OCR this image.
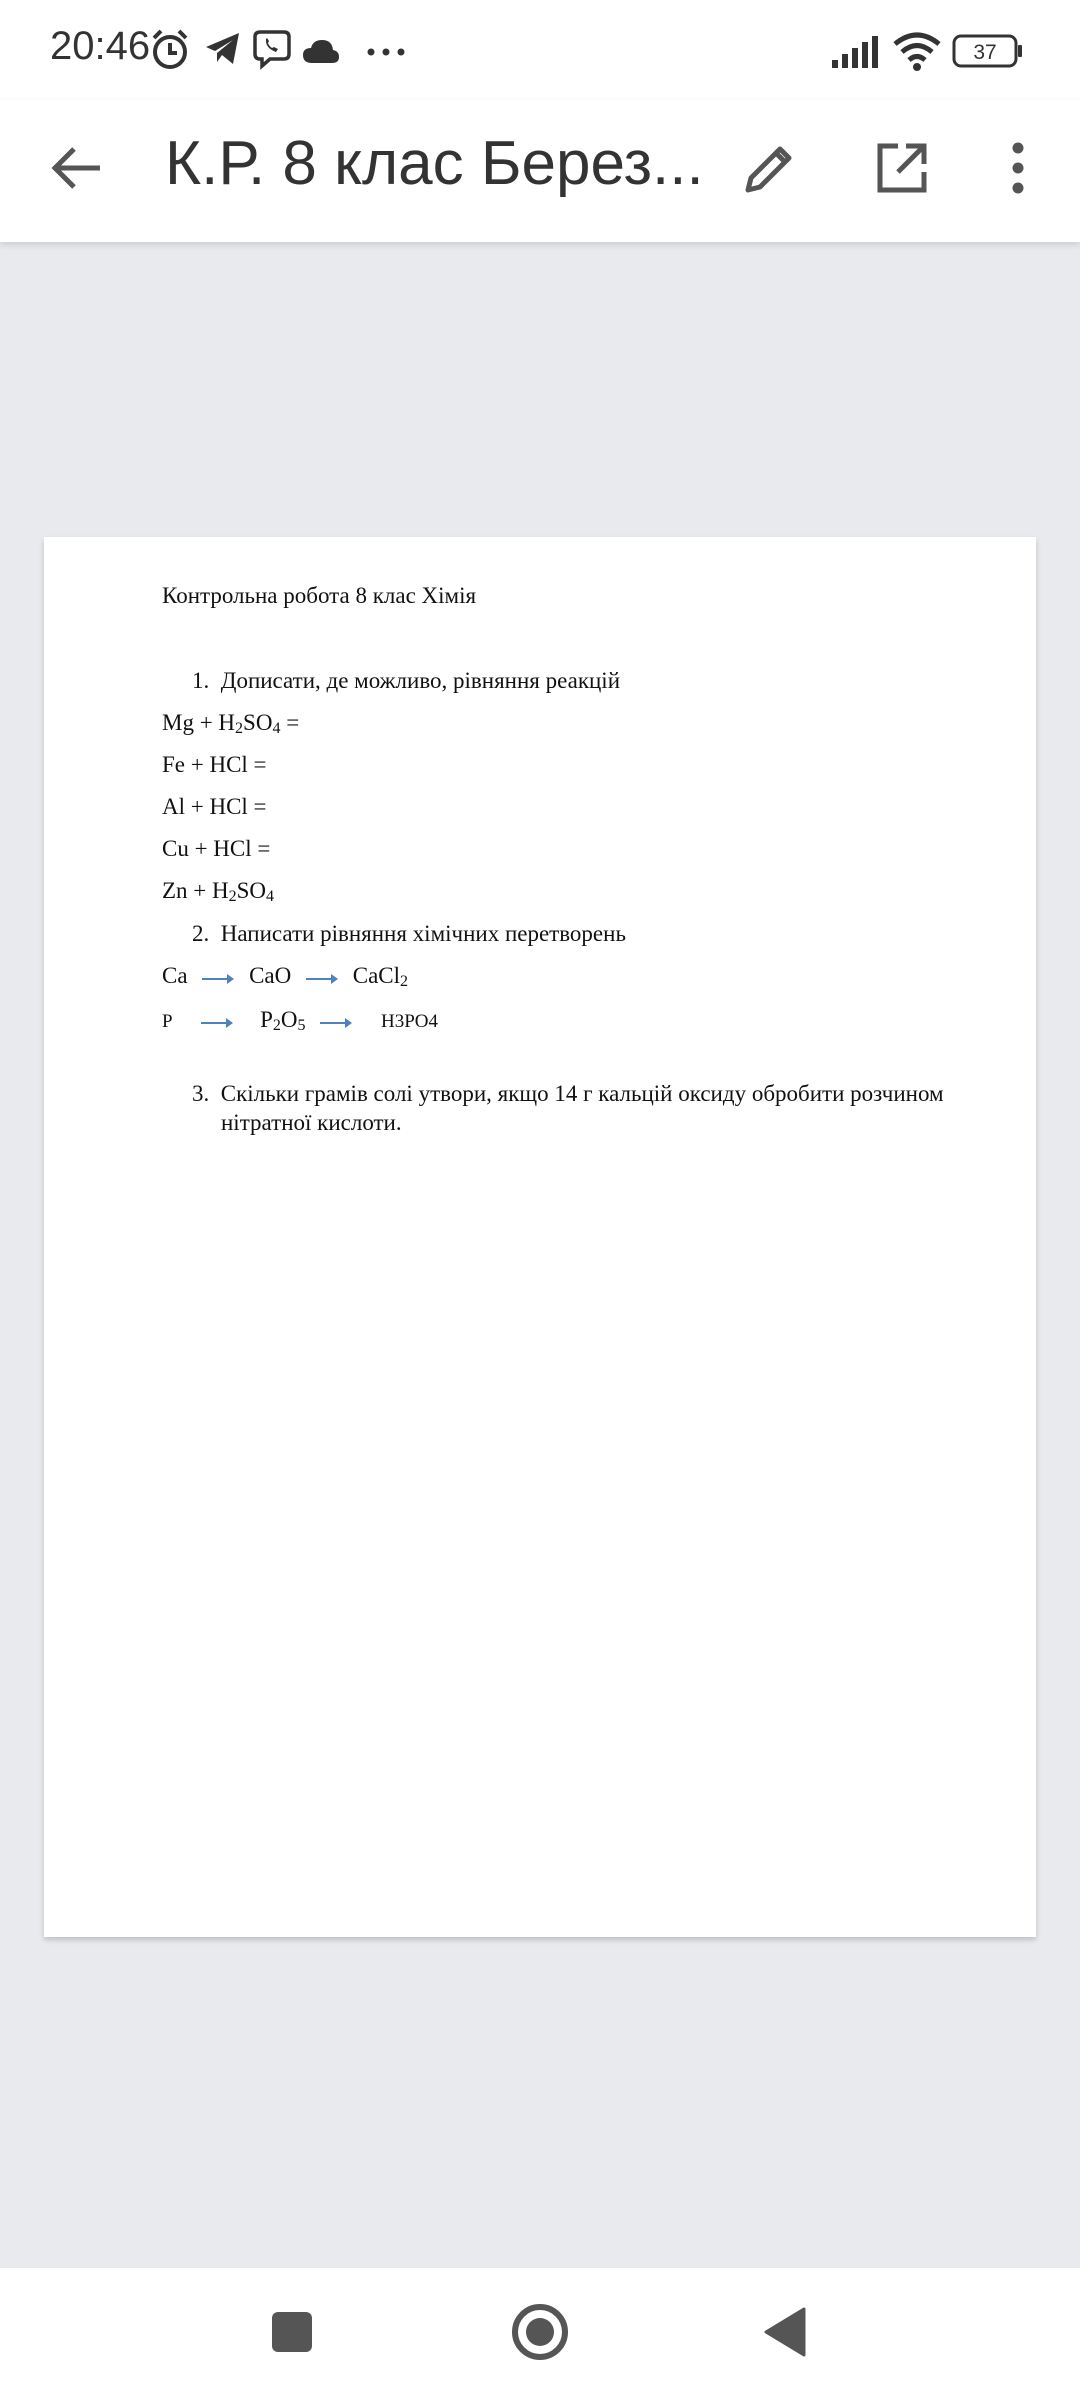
20:46	37
К.Р. 8 клас Берез...
Контрольна робота 8 клас Хімія
1. Дописати, де можливо, рівняння реакцій
$Mg + H_2SO_4$ =
Fe + HCl =
Al + HCl =
Cu + HCl =
$Zn + H_2SO_4$
2. Написати рівняння хімічних перетворень
Ca	CaO	CaCl$_2$
P	$P_2O_5$	H3PO4
3. Скільки грамів солі утвори, якщо 14 г кальцій оксиду обробити розчином
нітратної кислоти.
